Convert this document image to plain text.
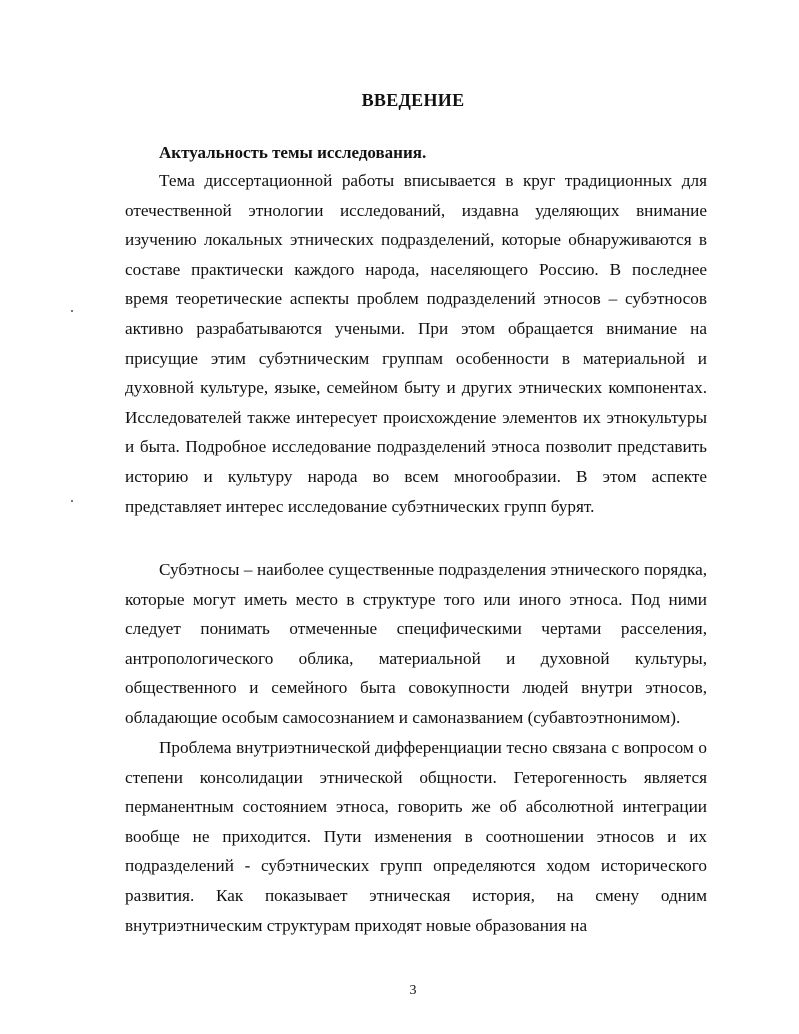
ВВЕДЕНИЕ
Актуальность темы исследования.

Тема диссертационной работы вписывается в круг традиционных для отечественной этнологии исследований, издавна уделяющих внимание изучению локальных этнических подразделений, которые обнаруживаются в составе практически каждого народа, населяющего Россию. В последнее время теоретические аспекты проблем подразделений этносов – субэтносов активно разрабатываются учеными. При этом обращается внимание на присущие этим субэтническим группам особенности в материальной и духовной культуре, языке, семейном быту и других этнических компонентах. Исследователей также интересует происхождение элементов их этнокультуры и быта. Подробное исследование подразделений этноса позволит представить историю и культуру народа во всем многообразии. В этом аспекте представляет интерес исследование субэтнических групп бурят.

Субэтносы – наиболее существенные подразделения этнического порядка, которые могут иметь место в структуре того или иного этноса. Под ними следует понимать отмеченные специфическими чертами расселения, антропологического облика, материальной и духовной культуры, общественного и семейного быта совокупности людей внутри этносов, обладающие особым самосознанием и самоназванием (субавтоэтнонимом).

Проблема внутриэтнической дифференциации тесно связана с вопросом о степени консолидации этнической общности. Гетерогенность является перманентным состоянием этноса, говорить же об абсолютной интеграции вообще не приходится. Пути изменения в соотношении этносов и их подразделений - субэтнических групп определяются ходом исторического развития. Как показывает этническая история, на смену одним внутриэтническим структурам приходят новые образования на

3
